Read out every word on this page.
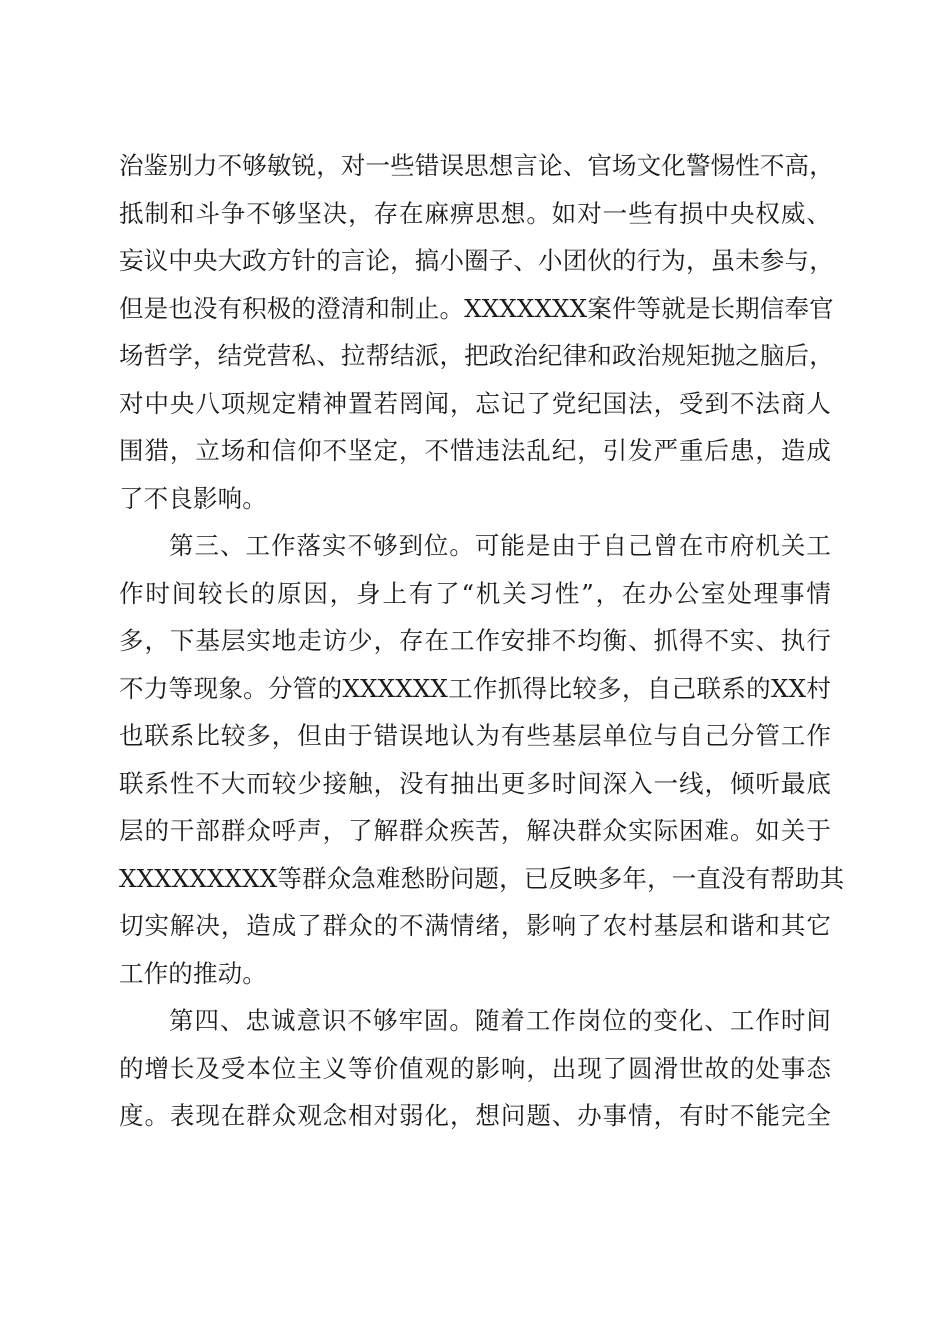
治鉴别力不够敏锐，对一些错误思想言论、官场文化警惕性不高，
抵制和斗争不够坚决，存在麻痹思想。如对一些有损中央权威、
妄议中央大政方针的言论，搞小圈子、小团伙的行为，虽未参与，
但是也没有积极的澄清和制止。XXXXXXX案件等就是长期信奉官
场哲学，结党营私、拉帮结派，把政治纪律和政治规矩抛之脑后，
对中央八项规定精神置若罔闻，忘记了党纪国法，受到不法商人
围猎，立场和信仰不坚定，不惜违法乱纪，引发严重后患，造成
了不良影响。
第三、工作落实不够到位。可能是由于自己曾在市府机关工
作时间较长的原因，身上有了“机关习性”，在办公室处理事情
多，下基层实地走访少，存在工作安排不均衡、抓得不实、执行
不力等现象。分管的XXXXXX工作抓得比较多，自己联系的XX村
也联系比较多，但由于错误地认为有些基层单位与自己分管工作
联系性不大而较少接触，没有抽出更多时间深入一线，倾听最底
层的干部群众呼声，了解群众疾苦，解决群众实际困难。如关于
XXXXXXXXX等群众急难愁盼问题，已反映多年，一直没有帮助其
切实解决，造成了群众的不满情绪，影响了农村基层和谐和其它
工作的推动。
第四、忠诚意识不够牢固。随着工作岗位的变化、工作时间
的增长及受本位主义等价值观的影响，出现了圆滑世故的处事态
度。表现在群众观念相对弱化，想问题、办事情，有时不能完全
